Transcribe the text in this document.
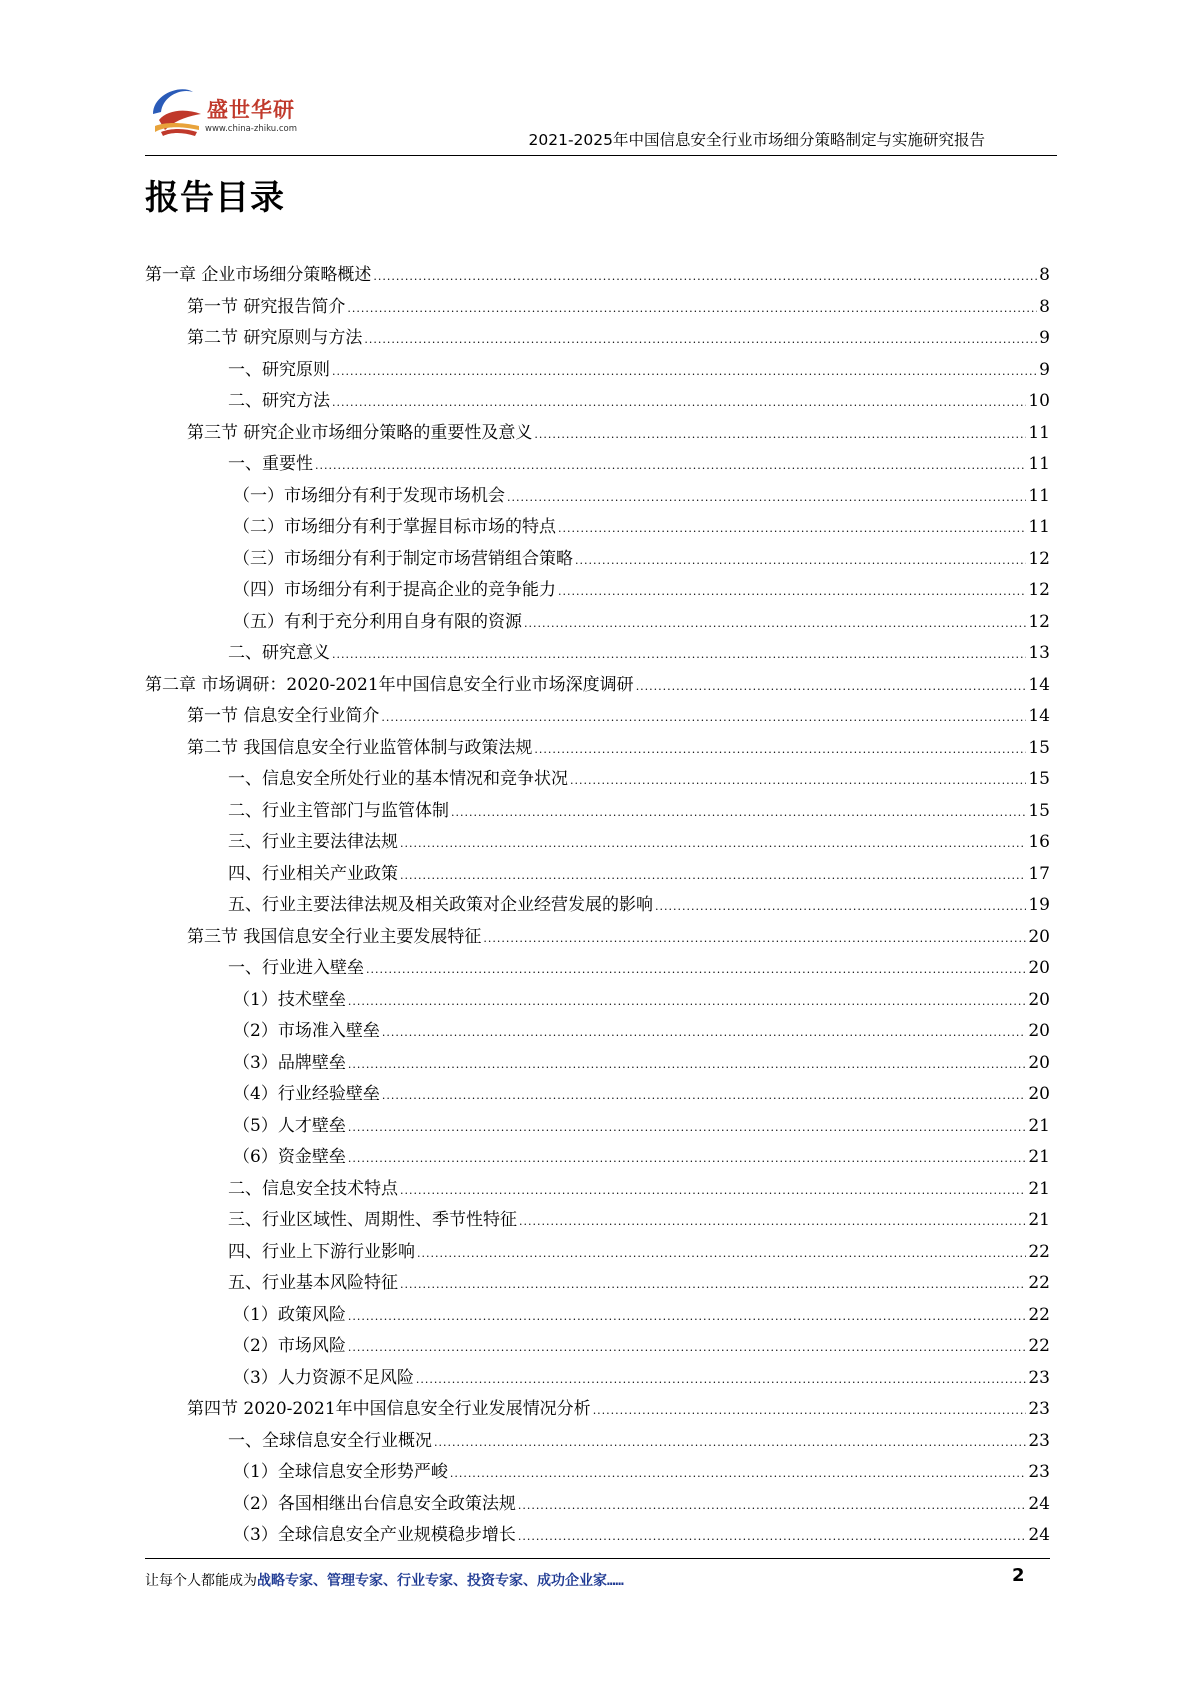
盛世华研
www.china-zhiku.com
2021-2025年中国信息安全行业市场细分策略制定与实施研究报告
报告目录
第一章 企业市场细分策略概述 .....	8
第一节 研究报告简介 .....	8
第二节 研究原则与方法 .....	9
一、研究原则 .....	9
二、研究方法 .....	10
第三节 研究企业市场细分策略的重要性及意义 .....	11
一、重要性 .....	11
（一）市场细分有利于发现市场机会 .....	11
（二）市场细分有利于掌握目标市场的特点 .....	11
（三）市场细分有利于制定市场营销组合策略 .....	12
（四）市场细分有利于提高企业的竞争能力 .....	12
（五）有利于充分利用自身有限的资源 .....	12
二、研究意义 .....	13
第二章 市场调研：2020-2021年中国信息安全行业市场深度调研 .....	14
第一节 信息安全行业简介 .....	14
第二节 我国信息安全行业监管体制与政策法规 .....	15
一、信息安全所处行业的基本情况和竞争状况 .....	15
二、行业主管部门与监管体制 .....	15
三、行业主要法律法规 .....	16
四、行业相关产业政策 .....	17
五、行业主要法律法规及相关政策对企业经营发展的影响 .....	19
第三节 我国信息安全行业主要发展特征 .....	20
一、行业进入壁垒 .....	20
（1）技术壁垒 .....	20
（2）市场准入壁垒 .....	20
（3）品牌壁垒 .....	20
（4）行业经验壁垒 .....	20
（5）人才壁垒 .....	21
（6）资金壁垒 .....	21
二、信息安全技术特点 .....	21
三、行业区域性、周期性、季节性特征 .....	21
四、行业上下游行业影响 .....	22
五、行业基本风险特征 .....	22
（1）政策风险 .....	22
（2）市场风险 .....	22
（3）人力资源不足风险 .....	23
第四节 2020-2021年中国信息安全行业发展情况分析 .....	23
一、全球信息安全行业概况 .....	23
（1）全球信息安全形势严峻 .....	23
（2）各国相继出台信息安全政策法规 .....	24
（3）全球信息安全产业规模稳步增长 .....	24
让每个人都能成为战略专家、管理专家、行业专家、投资专家、成功企业家……	2
